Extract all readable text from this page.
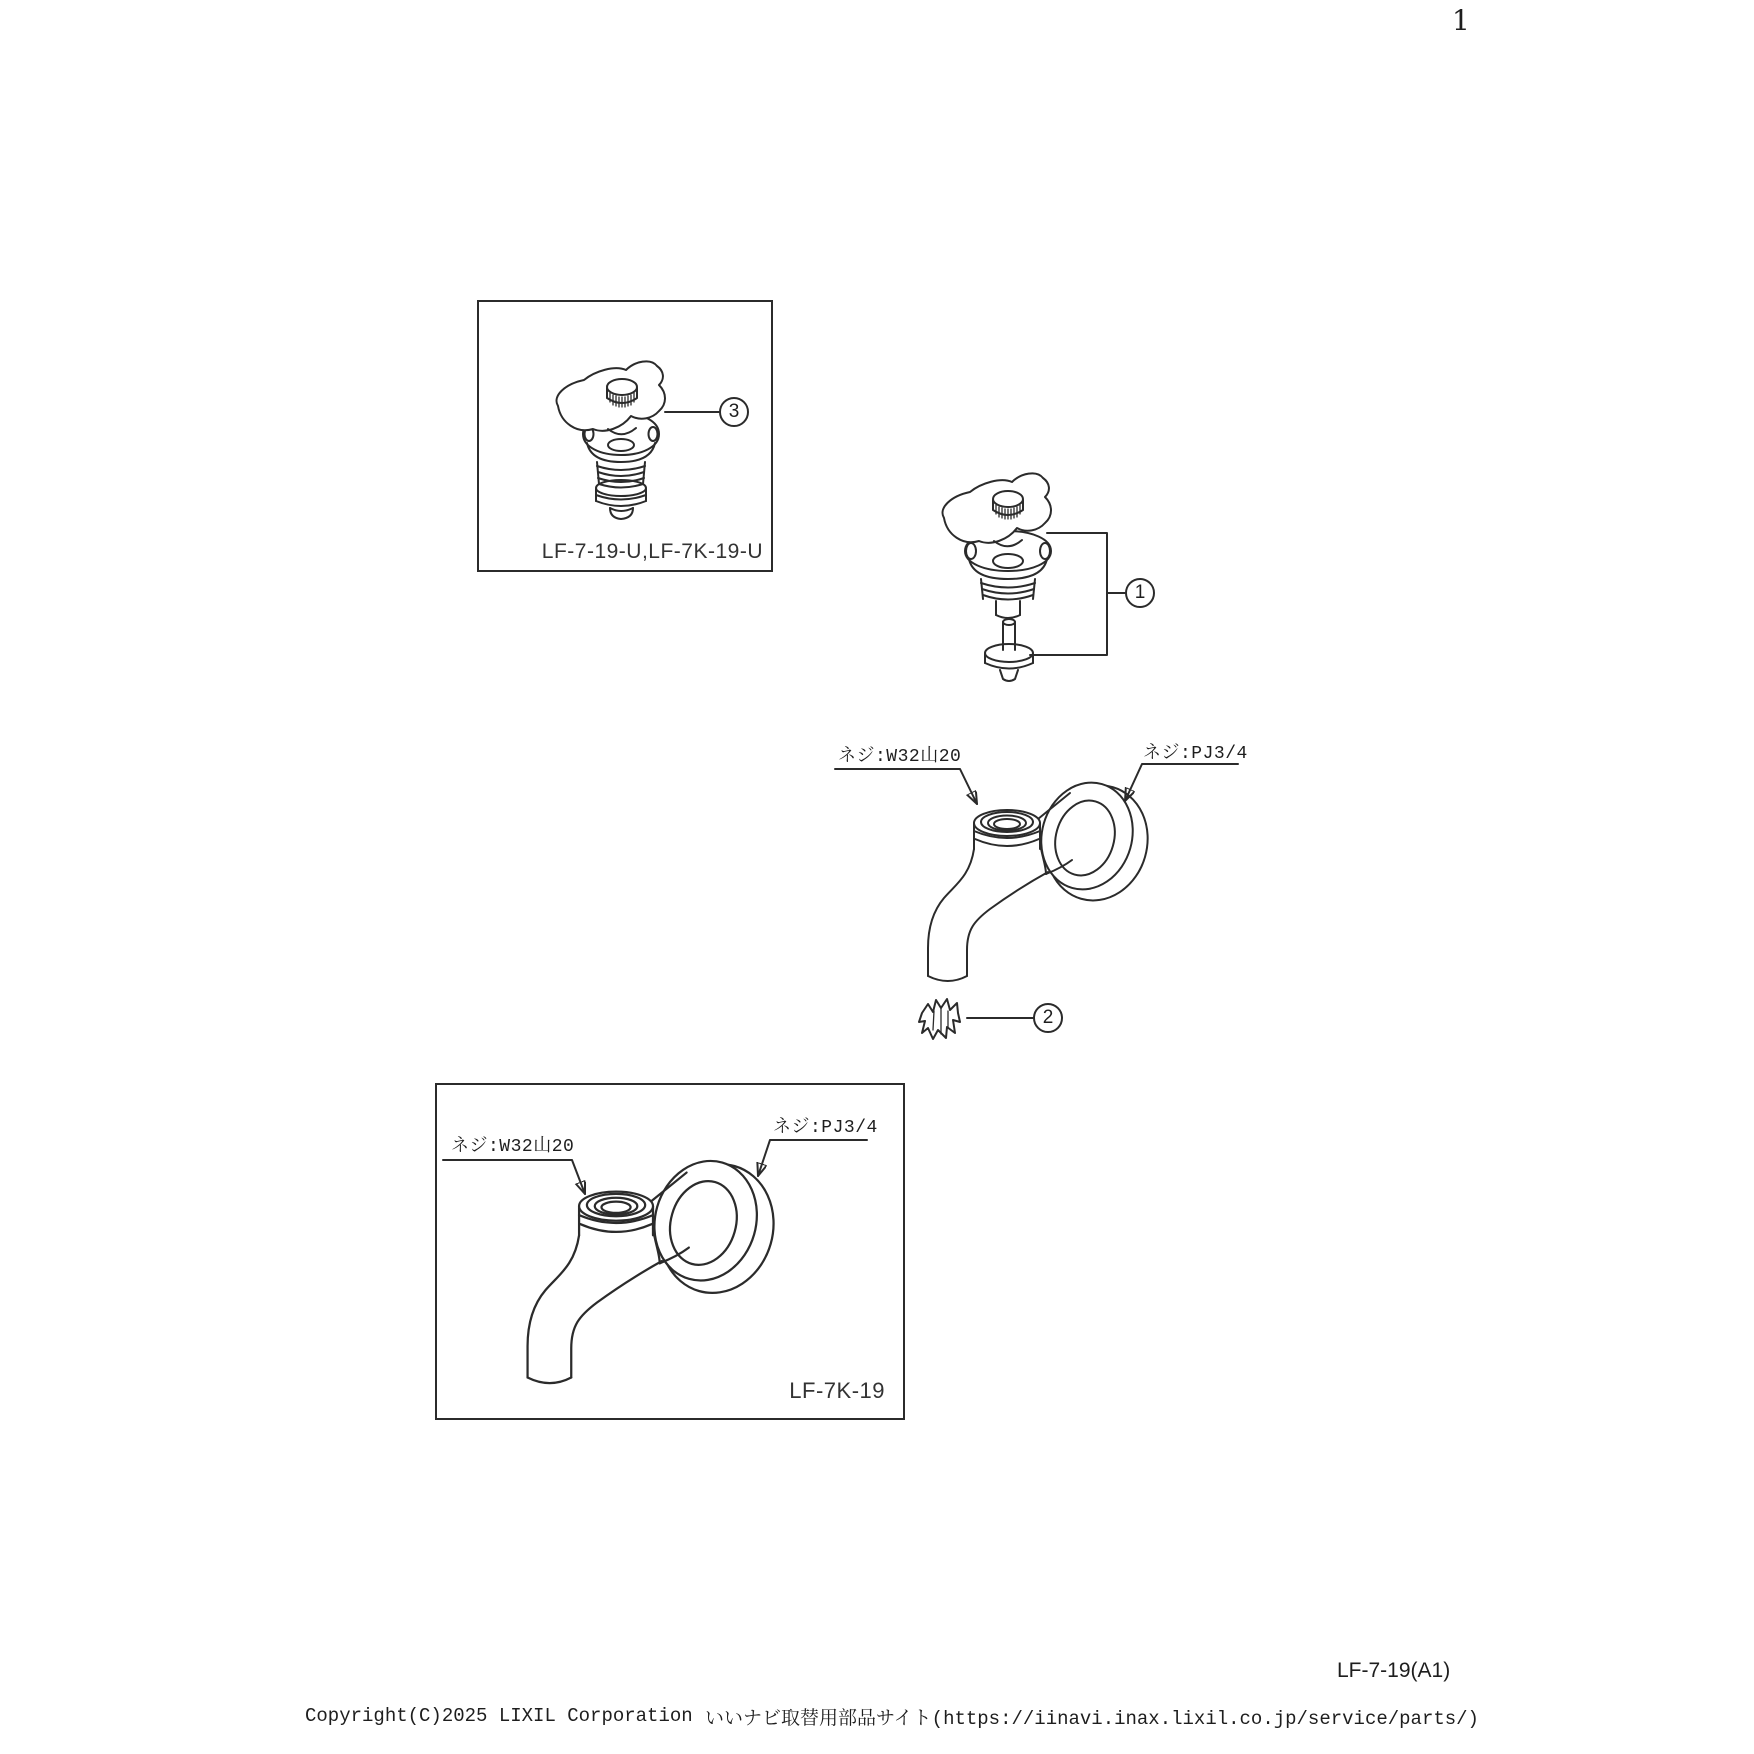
1
LF-7-19-U,LF-7K-19-U
LF-7K-19
1
2
3
ネジ:W32山20	ネジ:PJ3/4
ネジ:W32山20
ネジ:PJ3/4
LF-7-19(A1)
Copyright(C)2025 LIXIL Corporation いいナビ取替用部品サイト(https://iinavi.inax.lixil.co.jp/service/parts/)
